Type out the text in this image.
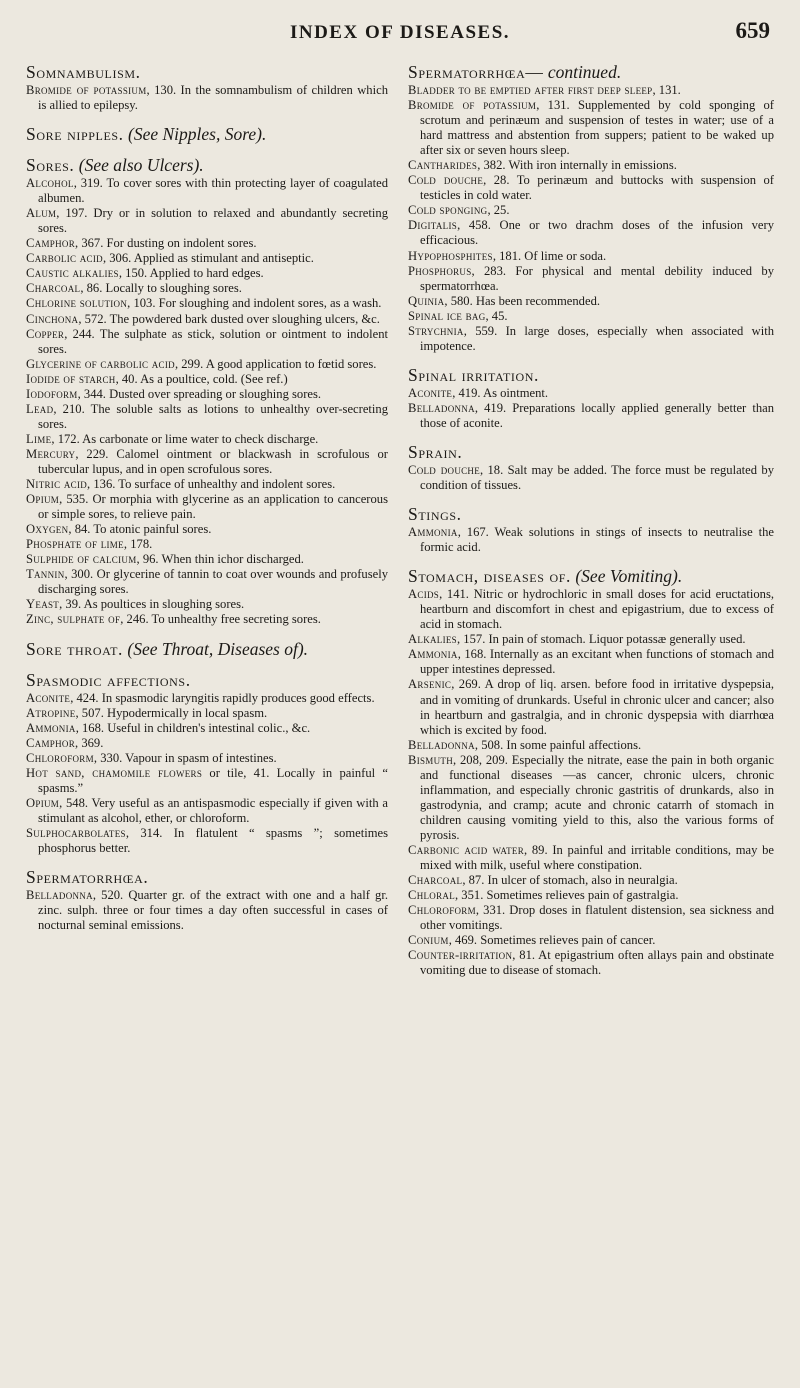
INDEX OF DISEASES.	659
Somnambulism.

Bromide of potassium, 130. In the somnambulism of children which is allied to epilepsy.

Sore nipples. (See Nipples, Sore).
Sores. (See also Ulcers).

Alcohol, 319. To cover sores with thin protecting layer of coagulated albumen.

Alum, 197. Dry or in solution to relaxed and abundantly secreting sores.

Camphor, 367. For dusting on indolent sores.

Carbolic acid, 306. Applied as stimulant and antiseptic.

Caustic alkalies, 150. Applied to hard edges.

Charcoal, 86. Locally to sloughing sores.

Chlorine solution, 103. For sloughing and indolent sores, as a wash.

Cinchona, 572. The powdered bark dusted over sloughing ulcers, &c.

Copper, 244. The sulphate as stick, solution or ointment to indolent sores.

Glycerine of carbolic acid, 299. A good application to fœtid sores.

Iodide of starch, 40. As a poultice, cold. (See ref.)

Iodoform, 344. Dusted over spreading or sloughing sores.

Lead, 210. The soluble salts as lotions to unhealthy over-secreting sores.

Lime, 172. As carbonate or lime water to check discharge.

Mercury, 229. Calomel ointment or blackwash in scrofulous or tubercular lupus, and in open scrofulous sores.

Nitric acid, 136. To surface of unhealthy and indolent sores.

Opium, 535. Or morphia with glycerine as an application to cancerous or simple sores, to relieve pain.

Oxygen, 84. To atonic painful sores.

Phosphate of lime, 178.

Sulphide of calcium, 96. When thin ichor discharged.

Tannin, 300. Or glycerine of tannin to coat over wounds and profusely discharging sores.

Yeast, 39. As poultices in sloughing sores.

Zinc, sulphate of, 246. To unhealthy free secreting sores.

Sore throat. (See Throat, Diseases of).
Spasmodic affections.

Aconite, 424. In spasmodic laryngitis rapidly produces good effects.

Atropine, 507. Hypodermically in local spasm.

Ammonia, 168. Useful in children's intestinal colic., &c.

Camphor, 369.

Chloroform, 330. Vapour in spasm of intestines.

Hot sand, chamomile flowers or tile, 41. Locally in painful “ spasms.”

Opium, 548. Very useful as an antispasmodic especially if given with a stimulant as alcohol, ether, or chloroform.

Sulphocarbolates, 314. In flatulent “ spasms ”; sometimes phosphorus better.

Spermatorrhœa.

Belladonna, 520. Quarter gr. of the extract with one and a half gr. zinc. sulph. three or four times a day often successful in cases of nocturnal seminal emissions.

Spermatorrhœa— continued.

Bladder to be emptied after first deep sleep, 131.

Bromide of potassium, 131. Supplemented by cold sponging of scrotum and perinæum and suspension of testes in water; use of a hard mattress and abstention from suppers; patient to be waked up after six or seven hours sleep.

Cantharides, 382. With iron internally in emissions.

Cold douche, 28. To perinæum and buttocks with suspension of testicles in cold water.

Cold sponging, 25.

Digitalis, 458. One or two drachm doses of the infusion very efficacious.

Hypophosphites, 181. Of lime or soda.

Phosphorus, 283. For physical and mental debility induced by spermatorrhœa.

Quinia, 580. Has been recommended.

Spinal ice bag, 45.

Strychnia, 559. In large doses, especially when associated with impotence.

Spinal irritation.

Aconite, 419. As ointment.

Belladonna, 419. Preparations locally applied generally better than those of aconite.

Sprain.

Cold douche, 18. Salt may be added. The force must be regulated by condition of tissues.

Stings.

Ammonia, 167. Weak solutions in stings of insects to neutralise the formic acid.

Stomach, diseases of. (See Vomiting).

Acids, 141. Nitric or hydrochloric in small doses for acid eructations, heartburn and discomfort in chest and epigastrium, due to excess of acid in stomach.

Alkalies, 157. In pain of stomach. Liquor potassæ generally used.

Ammonia, 168. Internally as an excitant when functions of stomach and upper intestines depressed.

Arsenic, 269. A drop of liq. arsen. before food in irritative dyspepsia, and in vomiting of drunkards. Useful in chronic ulcer and cancer; also in heartburn and gastralgia, and in chronic dyspepsia with diarrhœa which is excited by food.

Belladonna, 508. In some painful affections.

Bismuth, 208, 209. Especially the nitrate, ease the pain in both organic and functional diseases —as cancer, chronic ulcers, chronic inflammation, and especially chronic gastritis of drunkards, also in gastrodynia, and cramp; acute and chronic catarrh of stomach in children causing vomiting yield to this, also the various forms of pyrosis.

Carbonic acid water, 89. In painful and irritable conditions, may be mixed with milk, useful where constipation.

Charcoal, 87. In ulcer of stomach, also in neuralgia.

Chloral, 351. Sometimes relieves pain of gastralgia.

Chloroform, 331. Drop doses in flatulent distension, sea sickness and other vomitings.

Conium, 469. Sometimes relieves pain of cancer.

Counter-irritation, 81. At epigastrium often allays pain and obstinate vomiting due to disease of stomach.
